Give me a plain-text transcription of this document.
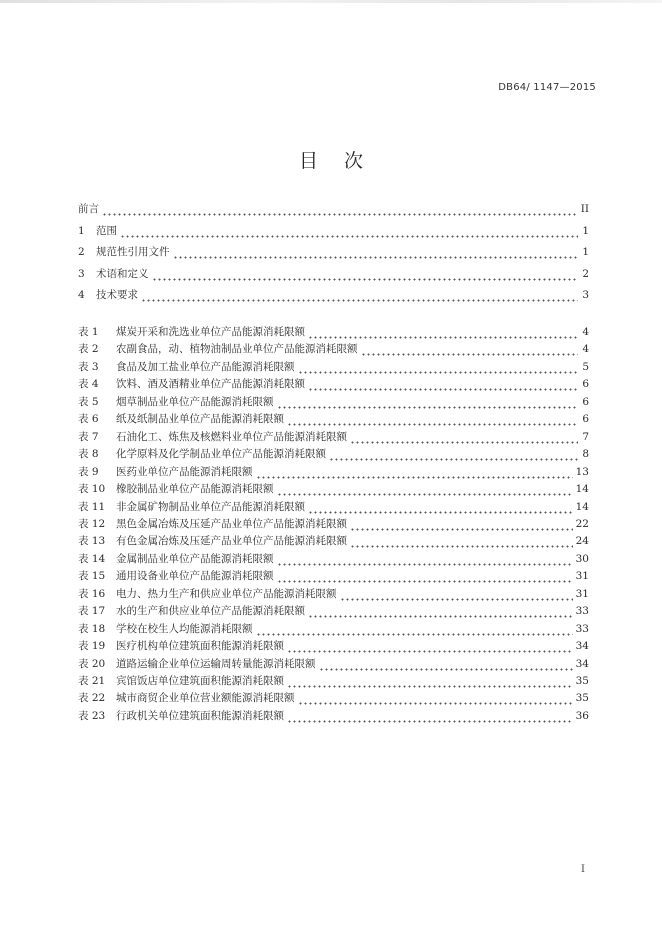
DB64/ 1147—2015
目次
前言	II
1	范围	1
2	规范性引用文件	1
3	术语和定义	2
4	技术要求	3
表 1	煤炭开采和洗选业单位产品能源消耗限额	4
表 2	农副食品，动、植物油制品业单位产品能源消耗限额	4
表 3	食品及加工盐业单位产品能源消耗限额	5
表 4	饮料、酒及酒精业单位产品能源消耗限额	6
表 5	烟草制品业单位产品能源消耗限额	6
表 6	纸及纸制品业单位产品能源消耗限额	6
表 7	石油化工、炼焦及核燃料业单位产品能源消耗限额	7
表 8	化学原料及化学制品业单位产品能源消耗限额	8
表 9	医药业单位产品能源消耗限额	13
表 10	橡胶制品业单位产品能源消耗限额	14
表 11	非金属矿物制品业单位产品能源消耗限额	14
表 12	黑色金属冶炼及压延产品业单位产品能源消耗限额	22
表 13	有色金属冶炼及压延产品业单位产品能源消耗限额	24
表 14	金属制品业单位产品能源消耗限额	30
表 15	通用设备业单位产品能源消耗限额	31
表 16	电力、热力生产和供应业单位产品能源消耗限额	31
表 17	水的生产和供应业单位产品能源消耗限额	33
表 18	学校在校生人均能源消耗限额	33
表 19	医疗机构单位建筑面积能源消耗限额	34
表 20	道路运输企业单位运输周转量能源消耗限额	34
表 21	宾馆饭店单位建筑面积能源消耗限额	35
表 22	城市商贸企业单位营业额能源消耗限额	35
表 23	行政机关单位建筑面积能源消耗限额	36
I
